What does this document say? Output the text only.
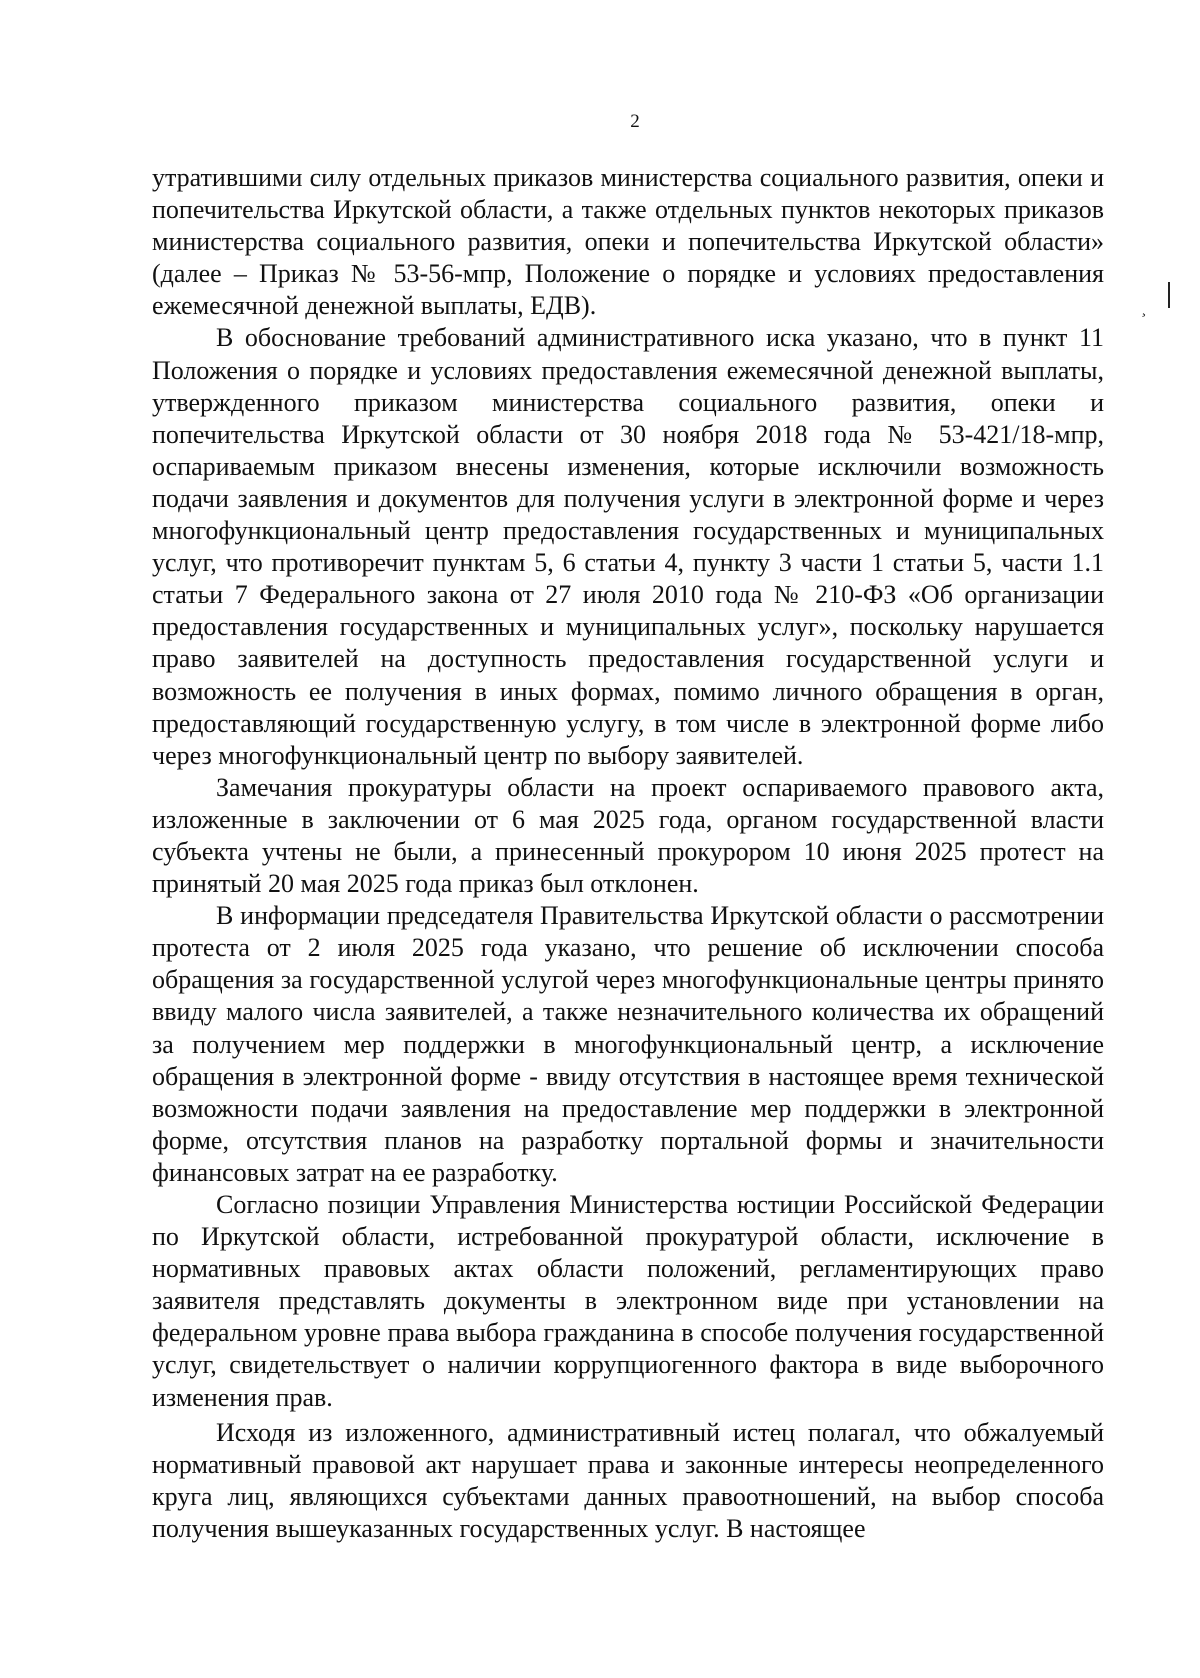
2

утратившими силу отдельных приказов министерства социального развития, опеки и попечительства Иркутской области, а также отдельных пунктов некоторых приказов министерства социального развития, опеки и попечительства Иркутской области» (далее – Приказ № 53-56-мпр, Положение о порядке и условиях предоставления ежемесячной денежной выплаты, ЕДВ).

В обоснование требований административного иска указано, что в пункт 11 Положения о порядке и условиях предоставления ежемесячной денежной выплаты, утвержденного приказом министерства социального развития, опеки и попечительства Иркутской области от 30 ноября 2018 года № 53-421/18-мпр, оспариваемым приказом внесены изменения, которые исключили возможность подачи заявления и документов для получения услуги в электронной форме и через многофункциональный центр предоставления государственных и муниципальных услуг, что противоречит пунктам 5, 6 статьи 4, пункту 3 части 1 статьи 5, части 1.1 статьи 7 Федерального закона от 27 июля 2010 года № 210-ФЗ «Об организации предоставления государственных и муниципальных услуг», поскольку нарушается право заявителей на доступность предоставления государственной услуги и возможность ее получения в иных формах, помимо личного обращения в орган, предоставляющий государственную услугу, в том числе в электронной форме либо через многофункциональный центр по выбору заявителей.

Замечания прокуратуры области на проект оспариваемого правового акта, изложенные в заключении от 6 мая 2025 года, органом государственной власти субъекта учтены не были, а принесенный прокурором 10 июня 2025 протест на принятый 20 мая 2025 года приказ был отклонен.

В информации председателя Правительства Иркутской области о рассмотрении протеста от 2 июля 2025 года указано, что решение об исключении способа обращения за государственной услугой через многофункциональные центры принято ввиду малого числа заявителей, а также незначительного количества их обращений за получением мер поддержки в многофункциональный центр, а исключение обращения в электронной форме - ввиду отсутствия в настоящее время технической возможности подачи заявления на предоставление мер поддержки в электронной форме, отсутствия планов на разработку портальной формы и значительности финансовых затрат на ее разработку.

Согласно позиции Управления Министерства юстиции Российской Федерации по Иркутской области, истребованной прокуратурой области, исключение в нормативных правовых актах области положений, регламентирующих право заявителя представлять документы в электронном виде при установлении на федеральном уровне права выбора гражданина в способе получения государственной услуг, свидетельствует о наличии коррупциогенного фактора в виде выборочного изменения прав.

Исходя из изложенного, административный истец полагал, что обжалуемый нормативный правовой акт нарушает права и законные интересы неопределенного круга лиц, являющихся субъектами данных правоотношений, на выбор способа получения вышеуказанных государственных услуг. В настоящее

¸
